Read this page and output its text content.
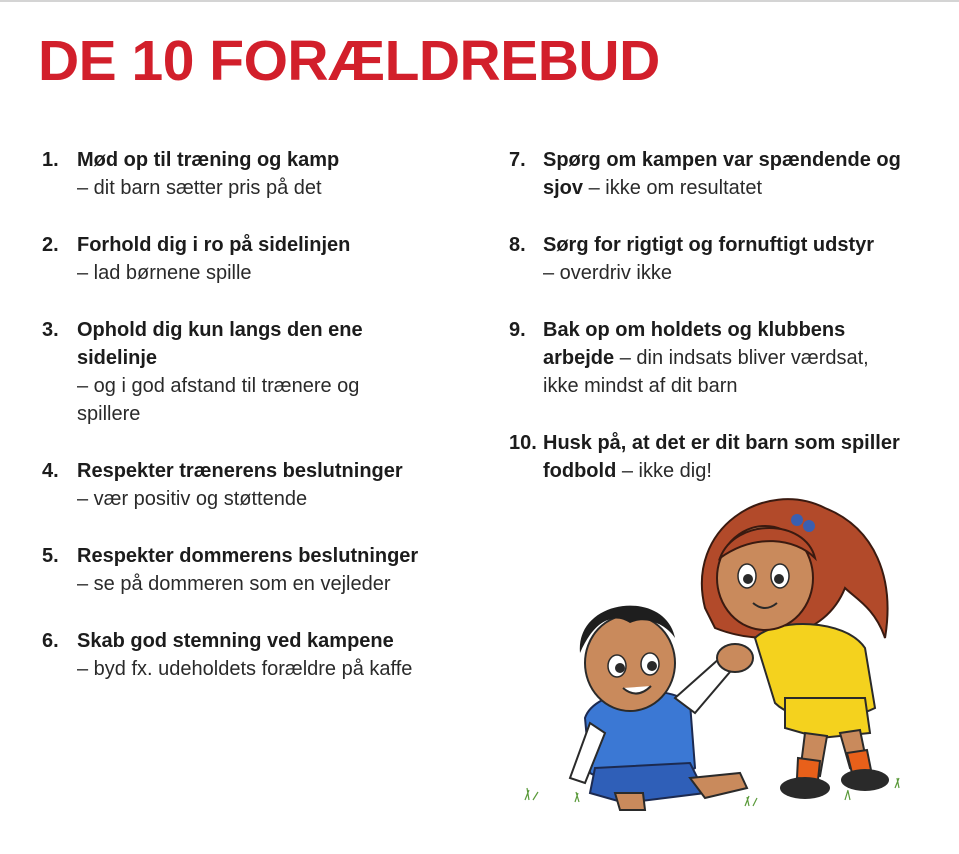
DE 10 FORÆLDREBUD
1. Mød op til træning og kamp
– dit barn sætter pris på det
2. Forhold dig i ro på sidelinjen
– lad børnene spille
3. Ophold dig kun langs den ene sidelinje
– og i god afstand til trænere og spillere
4. Respekter trænerens beslutninger
– vær positiv og støttende
5. Respekter dommerens beslutninger
– se på dommeren som en vejleder
6. Skab god stemning ved kampene
– byd fx. udeholdets forældre på kaffe
7. Spørg om kampen var spændende og sjov – ikke om resultatet
8. Sørg for rigtigt og fornuftigt udstyr
– overdriv ikke
9. Bak op om holdets og klubbens arbejde – din indsats bliver værdsat, ikke mindst af dit barn
10. Husk på, at det er dit barn som spiller fodbold – ikke dig!
